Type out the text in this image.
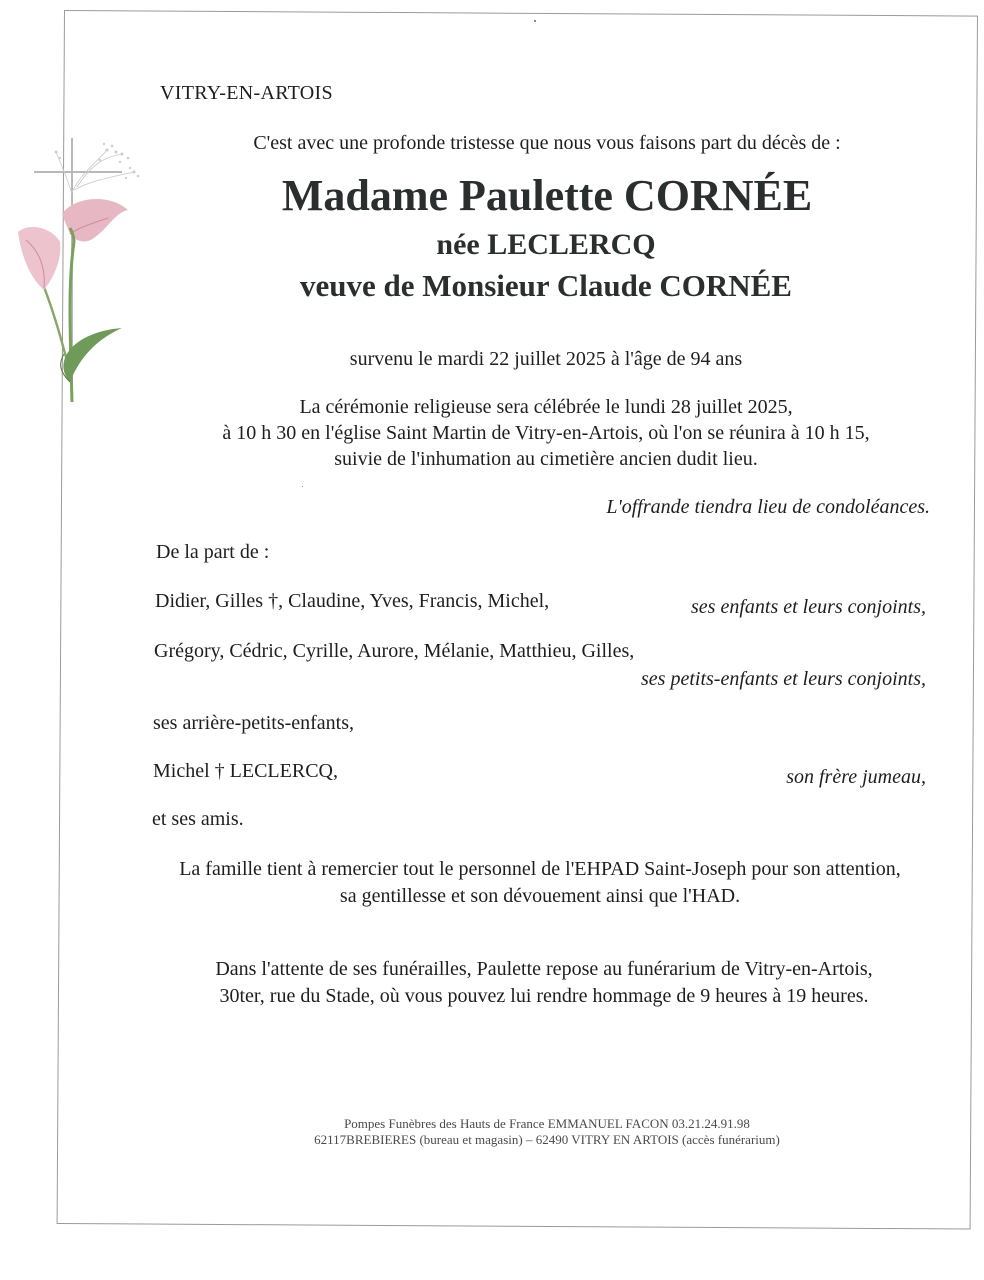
VITRY-EN-ARTOIS
C'est avec une profonde tristesse que nous vous faisons part du décès de :
Madame Paulette CORNÉE
née LECLERCQ
veuve de Monsieur Claude CORNÉE
survenu le mardi 22 juillet 2025 à l'âge de 94 ans
La cérémonie religieuse sera célébrée le lundi 28 juillet 2025,
à 10 h 30 en l'église Saint Martin de Vitry-en-Artois, où l'on se réunira à 10 h 15,
suivie de l'inhumation au cimetière ancien dudit lieu.
L'offrande tiendra lieu de condoléances.
De la part de :
Didier, Gilles †, Claudine, Yves, Francis, Michel,	ses enfants et leurs conjoints,
Grégory, Cédric, Cyrille, Aurore, Mélanie, Matthieu, Gilles,
ses petits-enfants et leurs conjoints,
ses arrière-petits-enfants,
Michel † LECLERCQ,	son frère jumeau,
et ses amis.
La famille tient à remercier tout le personnel de l'EHPAD Saint-Joseph pour son attention,
sa gentillesse et son dévouement ainsi que l'HAD.
Dans l'attente de ses funérailles, Paulette repose au funérarium de Vitry-en-Artois,
30ter, rue du Stade, où vous pouvez lui rendre hommage de 9 heures à 19 heures.
Pompes Funèbres des Hauts de France EMMANUEL FACON 03.21.24.91.98
62117BREBIERES (bureau et magasin) – 62490 VITRY EN ARTOIS (accès funérarium)
